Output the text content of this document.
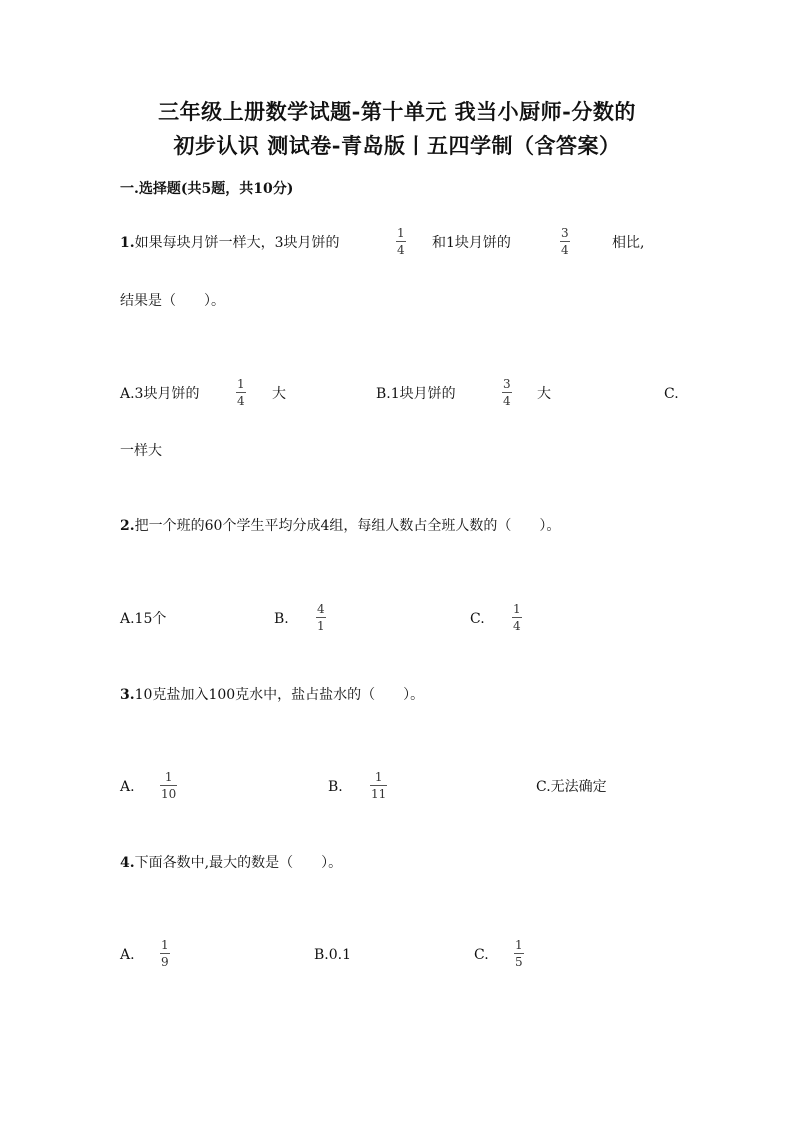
三年级上册数学试题-第十单元 我当小厨师-分数的
初步认识 测试卷-青岛版丨五四学制（含答案）
一.选择题(共5题，共10分)
1.如果每块月饼一样大，3块月饼的
1
4 和1块月饼的
3
4	相比,
结果是（　　）。
A.3块月饼的
1
4 大	B.1块月饼的
3
4 大	C.
一样大
2.把一个班的60个学生平均分成4组，每组人数占全班人数的（　　）。
A.15个	B.
4
1	C.
1
4
3.10克盐加入100克水中，盐占盐水的（　　）。
A.
1
10	B.
1
11	C.无法确定
4.下面各数中,最大的数是（　　）。
A.
1
9	B.0.1	C.
1
5
